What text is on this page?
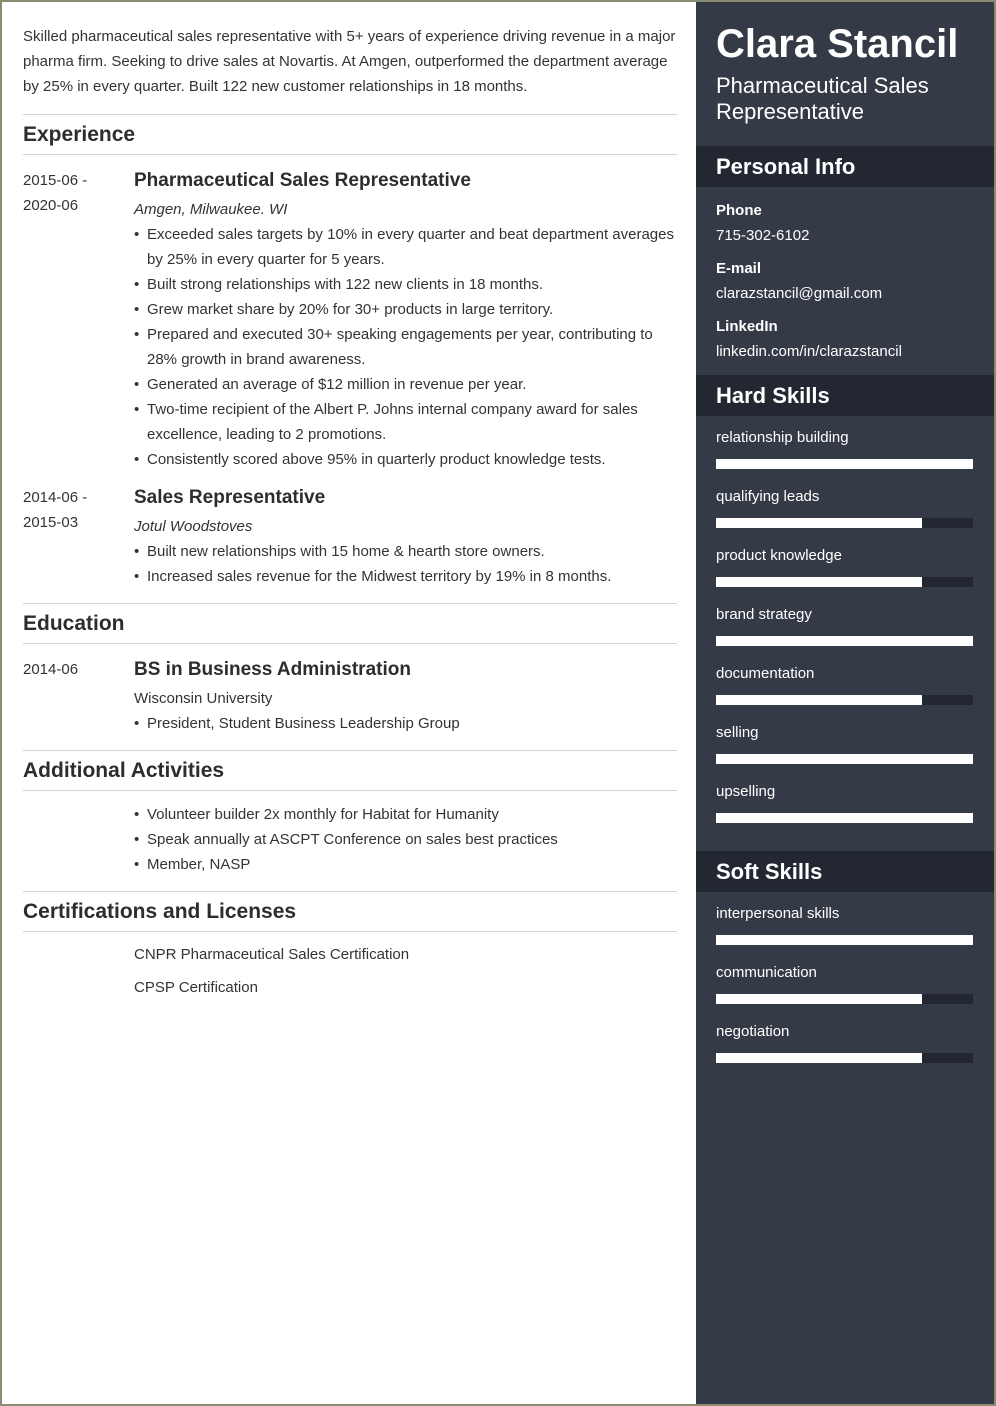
Skilled pharmaceutical sales representative with 5+ years of experience driving revenue in a major pharma firm. Seeking to drive sales at Novartis. At Amgen, outperformed the department average by 25% in every quarter. Built 122 new customer relationships in 18 months.
Experience
2015-06 -
2020-06
Pharmaceutical Sales Representative
Amgen, Milwaukee. WI
• Exceeded sales targets by 10% in every quarter and beat department averages by 25% in every quarter for 5 years.
• Built strong relationships with 122 new clients in 18 months.
• Grew market share by 20% for 30+ products in large territory.
• Prepared and executed 30+ speaking engagements per year, contributing to 28% growth in brand awareness.
• Generated an average of $12 million in revenue per year.
• Two-time recipient of the Albert P. Johns internal company award for sales excellence, leading to 2 promotions.
• Consistently scored above 95% in quarterly product knowledge tests.
2014-06 -
2015-03
Sales Representative
Jotul Woodstoves
• Built new relationships with 15 home & hearth store owners.
• Increased sales revenue for the Midwest territory by 19% in 8 months.
Education
2014-06	BS in Business Administration
Wisconsin University
• President, Student Business Leadership Group
Additional Activities
• Volunteer builder 2x monthly for Habitat for Humanity
• Speak annually at ASCPT Conference on sales best practices
• Member, NASP
Certifications and Licenses
CNPR Pharmaceutical Sales Certification
CPSP Certification
Clara Stancil
Pharmaceutical Sales Representative
Personal Info
Phone
715-302-6102
E-mail
clarazstancil@gmail.com
LinkedIn
linkedin.com/in/clarazstancil
Hard Skills
relationship building
qualifying leads
product knowledge
brand strategy
documentation
selling
upselling
Soft Skills
interpersonal skills
communication
negotiation
